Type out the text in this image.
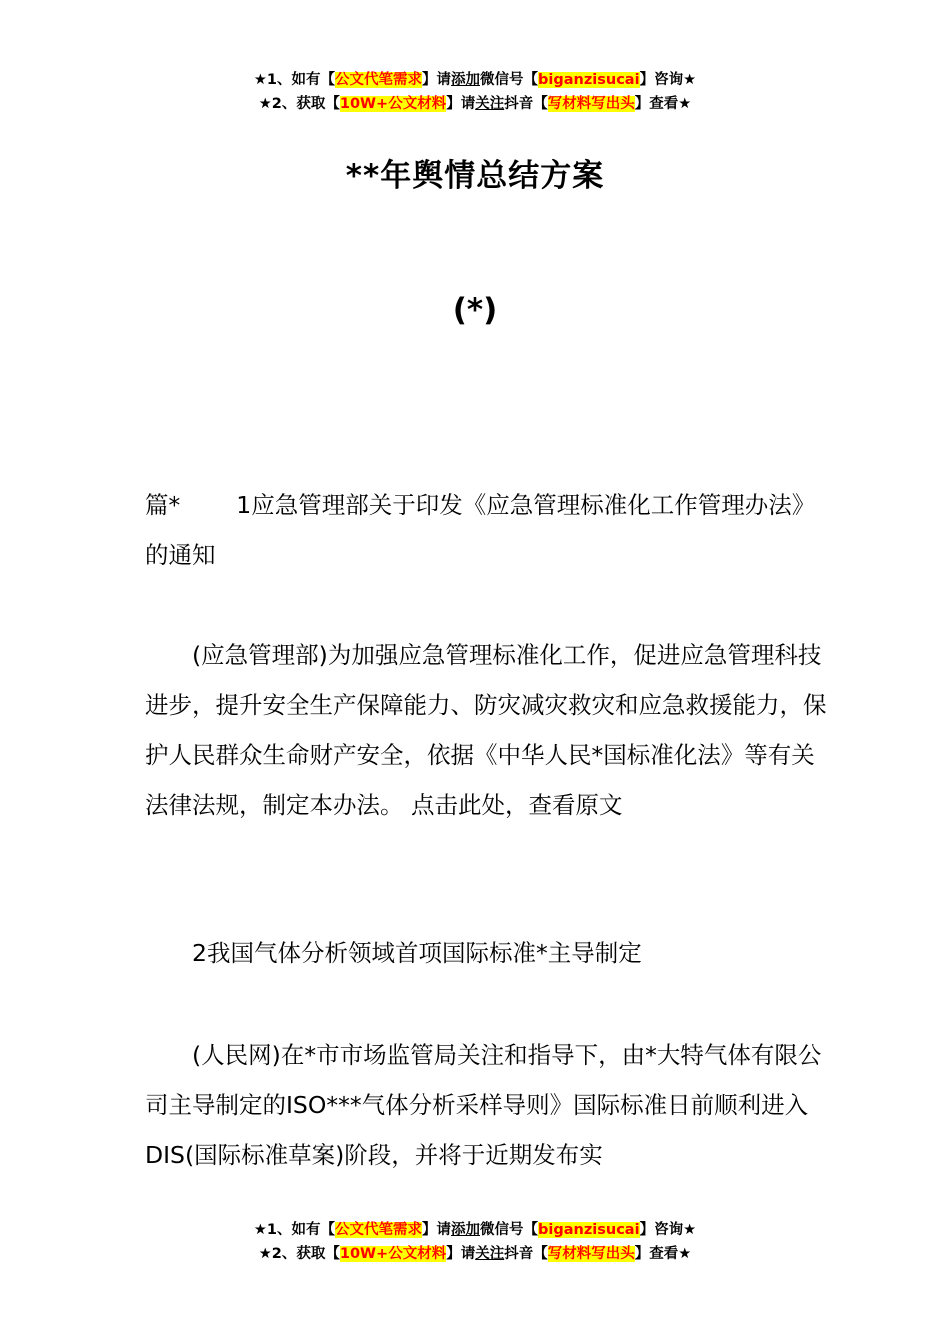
★1、如有【公文代笔需求】请添加微信号【biganzisucai】咨询★
★2、获取【10W+公文材料】请关注抖音【写材料写出头】查看★
**年舆情总结方案
(*)
篇* 1应急管理部关于印发《应急管理标准化工作管理办法》的通知
(应急管理部)为加强应急管理标准化工作，促进应急管理科技进步，提升安全生产保障能力、防灾减灾救灾和应急救援能力，保护人民群众生命财产安全，依据《中华人民*国标准化法》等有关法律法规，制定本办法。 点击此处，查看原文
2我国气体分析领域首项国际标准*主导制定
(人民网)在*市市场监管局关注和指导下，由*大特气体有限公司主导制定的ISO***气体分析采样导则》国际标准日前顺利进入DIS(国际标准草案)阶段，并将于近期发布实
★1、如有【公文代笔需求】请添加微信号【biganzisucai】咨询★
★2、获取【10W+公文材料】请关注抖音【写材料写出头】查看★
